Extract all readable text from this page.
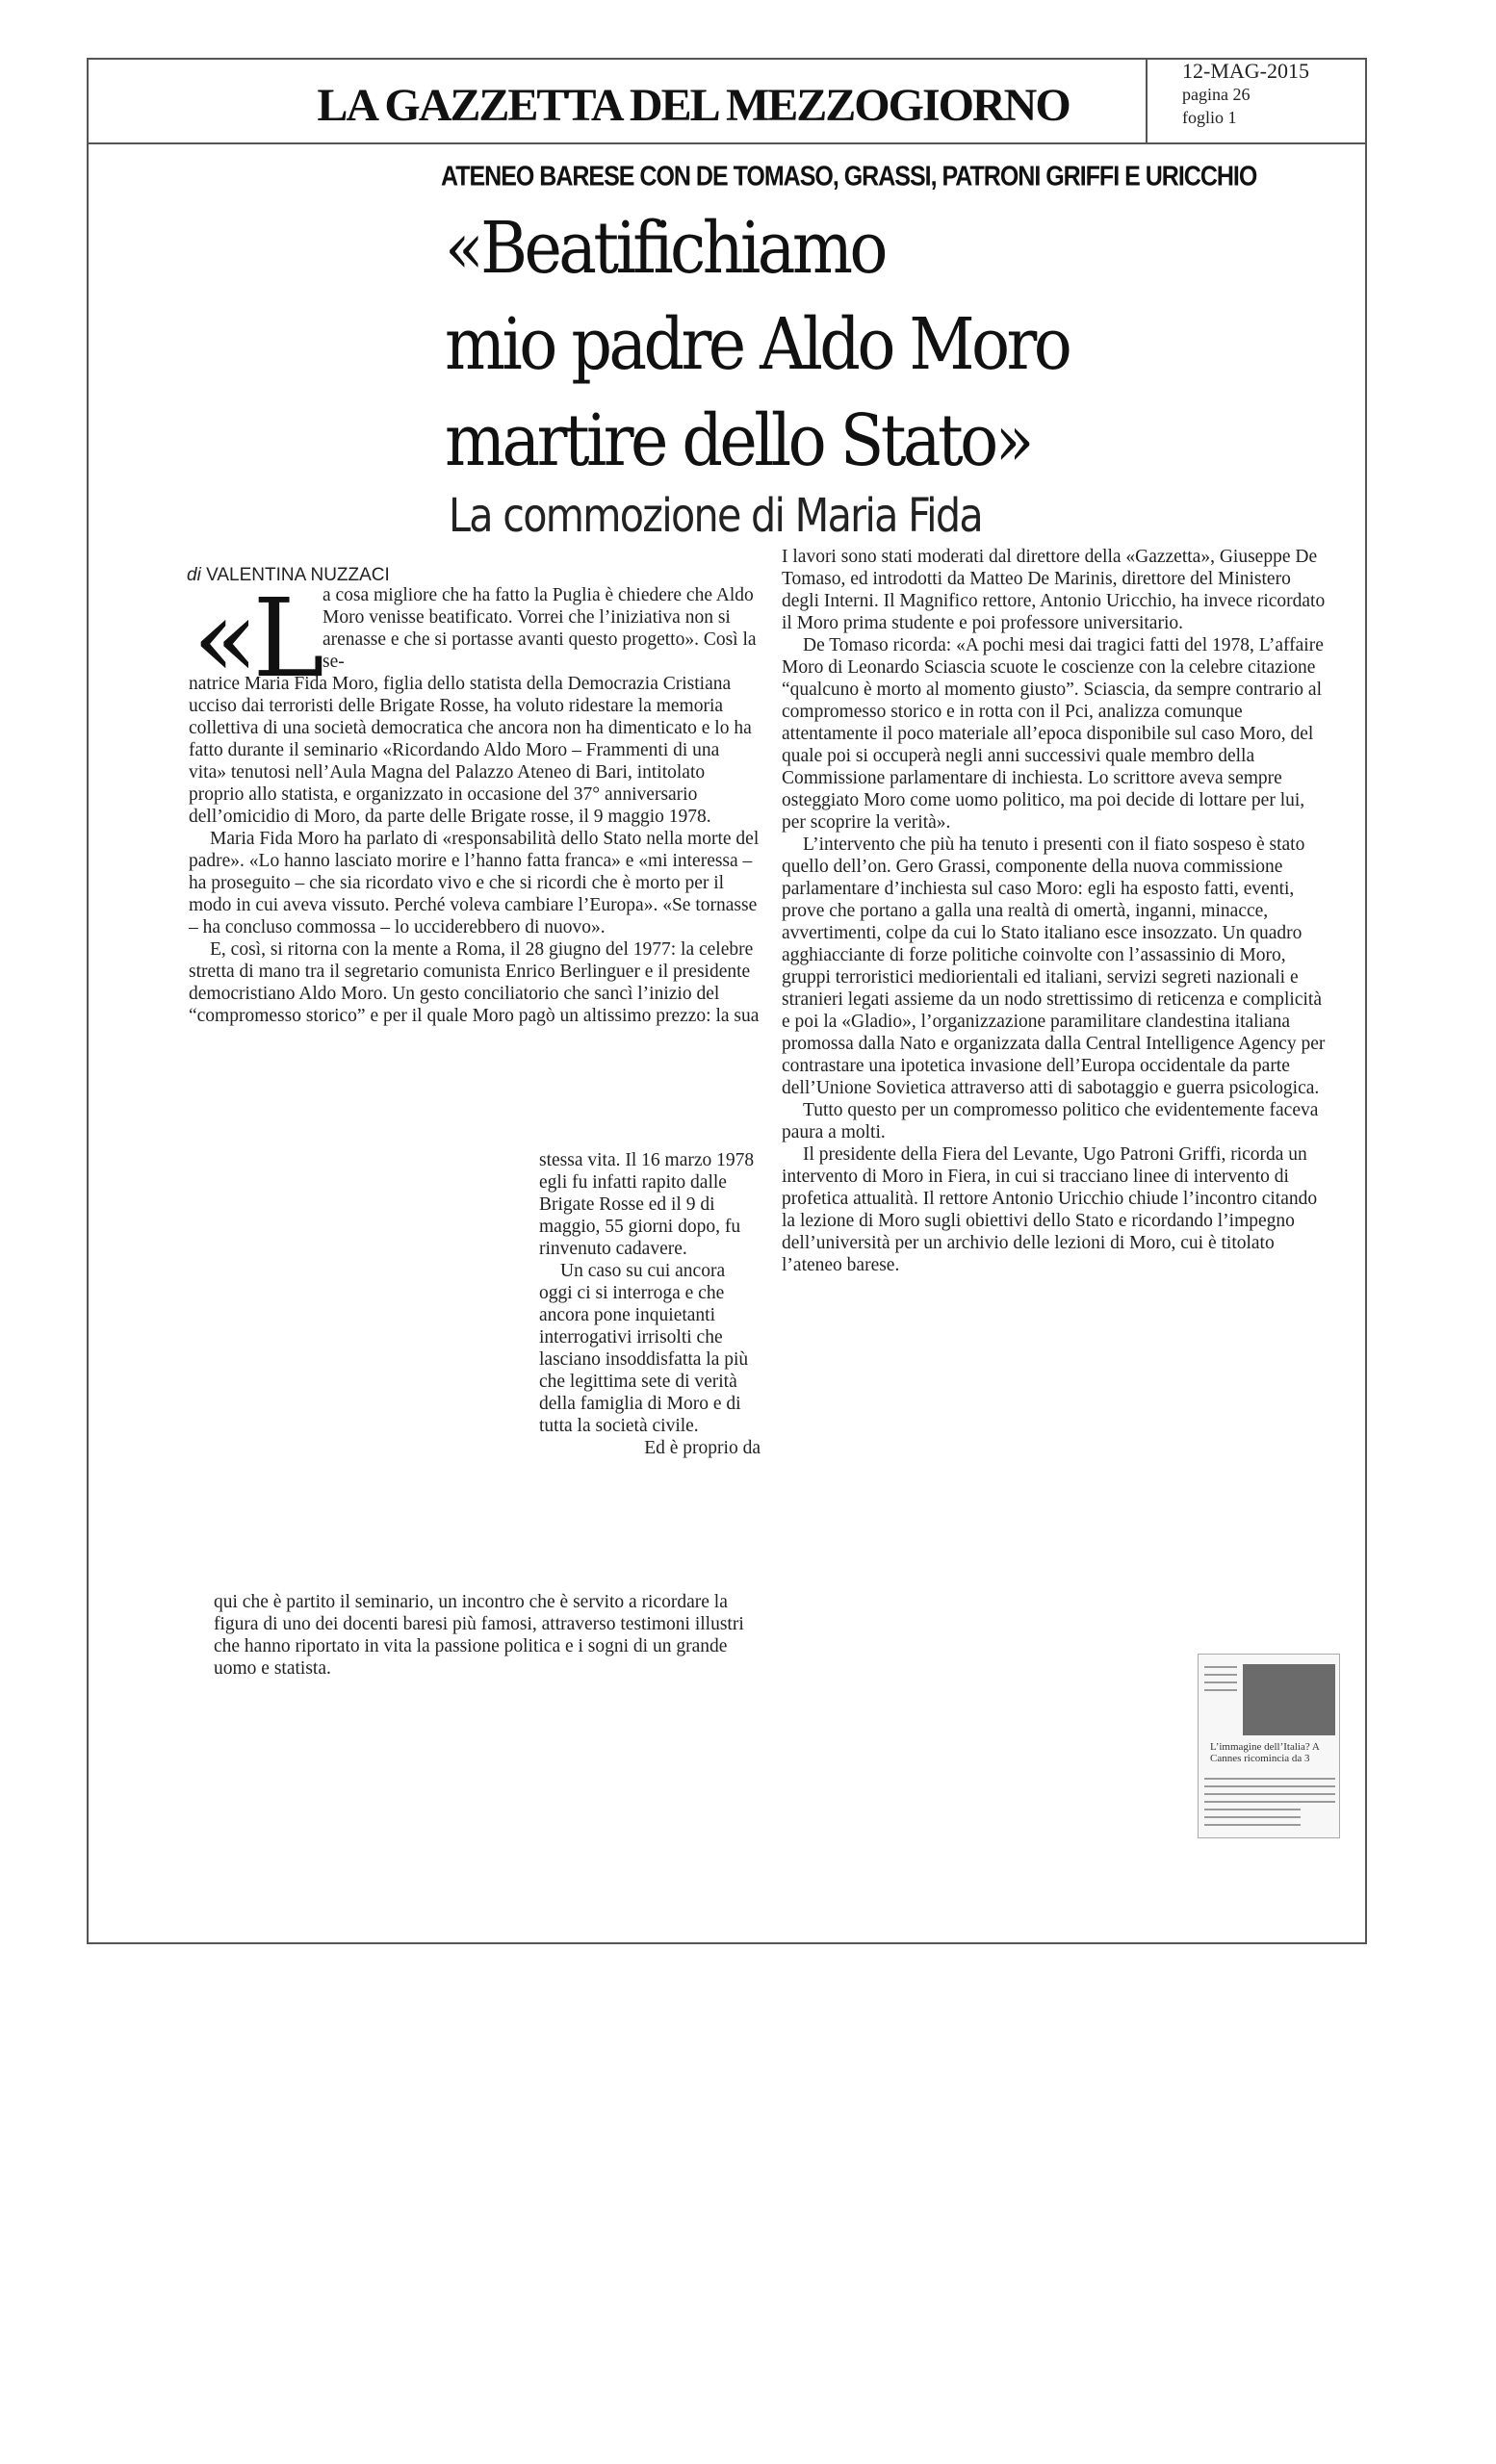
LA GAZZETTA DEL MEZZOGIORNO
12-MAG-2015
pagina 26
foglio 1
ATENEO BARESE CON DE TOMASO, GRASSI, PATRONI GRIFFI E URICCHIO
«Beatifichiamo
mio padre Aldo Moro
martire dello Stato»
La commozione di Maria Fida
di VALENTINA NUZZACI
«L a cosa migliore che ha fatto la Puglia è chiedere che Aldo Moro venisse beatificato. Vorrei che l’iniziativa non si arenasse e che si portasse avanti questo progetto». Così la se-

natrice Maria Fida Moro, figlia dello statista della Democrazia Cristiana ucciso dai terroristi delle Brigate Rosse, ha voluto ridestare la memoria collettiva di una società democratica che ancora non ha dimenticato e lo ha fatto durante il seminario «Ricordando Aldo Moro – Frammenti di una vita» tenutosi nell’Aula Magna del Palazzo Ateneo di Bari, intitolato proprio allo statista, e organizzato in occasione del 37° anniversario dell’omicidio di Moro, da parte delle Brigate rosse, il 9 maggio 1978.

Maria Fida Moro ha parlato di «responsabilità dello Stato nella morte del padre». «Lo hanno lasciato morire e l’hanno fatta franca» e «mi interessa – ha proseguito – che sia ricordato vivo e che si ricordi che è morto per il modo in cui aveva vissuto. Perché voleva cambiare l’Europa». «Se tornasse – ha concluso commossa – lo ucciderebbero di nuovo».

E, così, si ritorna con la mente a Roma, il 28 giugno del 1977: la celebre stretta di mano tra il segretario comunista Enrico Berlinguer e il presidente democristiano Aldo Moro. Un gesto conciliatorio che sancì l’inizio del “compromesso storico” e per il quale Moro pagò un altissimo prezzo: la sua

stessa vita. Il 16 marzo 1978 egli fu infatti rapito dalle Brigate Rosse ed il 9 di maggio, 55 giorni dopo, fu rinvenuto cadavere.

Un caso su cui ancora oggi ci si interroga e che ancora pone inquietanti interrogativi irrisolti che lasciano insoddisfatta la più che legittima sete di verità della famiglia di Moro e di tutta la società civile.

Ed è proprio da

qui che è partito il seminario, un incontro che è servito a ricordare la figura di uno dei docenti baresi più famosi, attraverso testimoni illustri che hanno riportato in vita la passione politica e i sogni di un grande uomo e statista.

I lavori sono stati moderati dal direttore della «Gazzetta», Giuseppe De Tomaso, ed introdotti da Matteo De Marinis, direttore del Ministero degli Interni. Il Magnifico rettore, Antonio Uricchio, ha invece ricordato il Moro prima studente e poi professore universitario.

De Tomaso ricorda: «A pochi mesi dai tragici fatti del 1978, L’affaire Moro di Leonardo Sciascia scuote le coscienze con la celebre citazione “qualcuno è morto al momento giusto”. Sciascia, da sempre contrario al compromesso storico e in rotta con il Pci, analizza comunque attentamente il poco materiale all’epoca disponibile sul caso Moro, del quale poi si occuperà negli anni successivi quale membro della Commissione parlamentare di inchiesta. Lo scrittore aveva sempre osteggiato Moro come uomo politico, ma poi decide di lottare per lui, per scoprire la verità».

L’intervento che più ha tenuto i presenti con il fiato sospeso è stato quello dell’on. Gero Grassi, componente della nuova commissione parlamentare d’inchiesta sul caso Moro: egli ha esposto fatti, eventi, prove che portano a galla una realtà di omertà, inganni, minacce, avvertimenti, colpe da cui lo Stato italiano esce insozzato. Un quadro agghiacciante di forze politiche coinvolte con l’assassinio di Moro, gruppi terroristici mediorientali ed italiani, servizi segreti nazionali e stranieri legati assieme da un nodo strettissimo di reticenza e complicità e poi la «Gladio», l’organizzazione paramilitare clandestina italiana promossa dalla Nato e organizzata dalla Central Intelligence Agency per contrastare una ipotetica invasione dell’Europa occidentale da parte dell’Unione Sovietica attraverso atti di sabotaggio e guerra psicologica.

Tutto questo per un compromesso politico che evidentemente faceva paura a molti.

Il presidente della Fiera del Levante, Ugo Patroni Griffi, ricorda un intervento di Moro in Fiera, in cui si tracciano linee di intervento di profetica attualità. Il rettore Antonio Uricchio chiude l’incontro citando la lezione di Moro sugli obiettivi dello Stato e ricordando l’impegno dell’università per un archivio delle lezioni di Moro, cui è titolato l’ateneo barese.

L’immagine dell’Italia? A Cannes ricomincia da 3
